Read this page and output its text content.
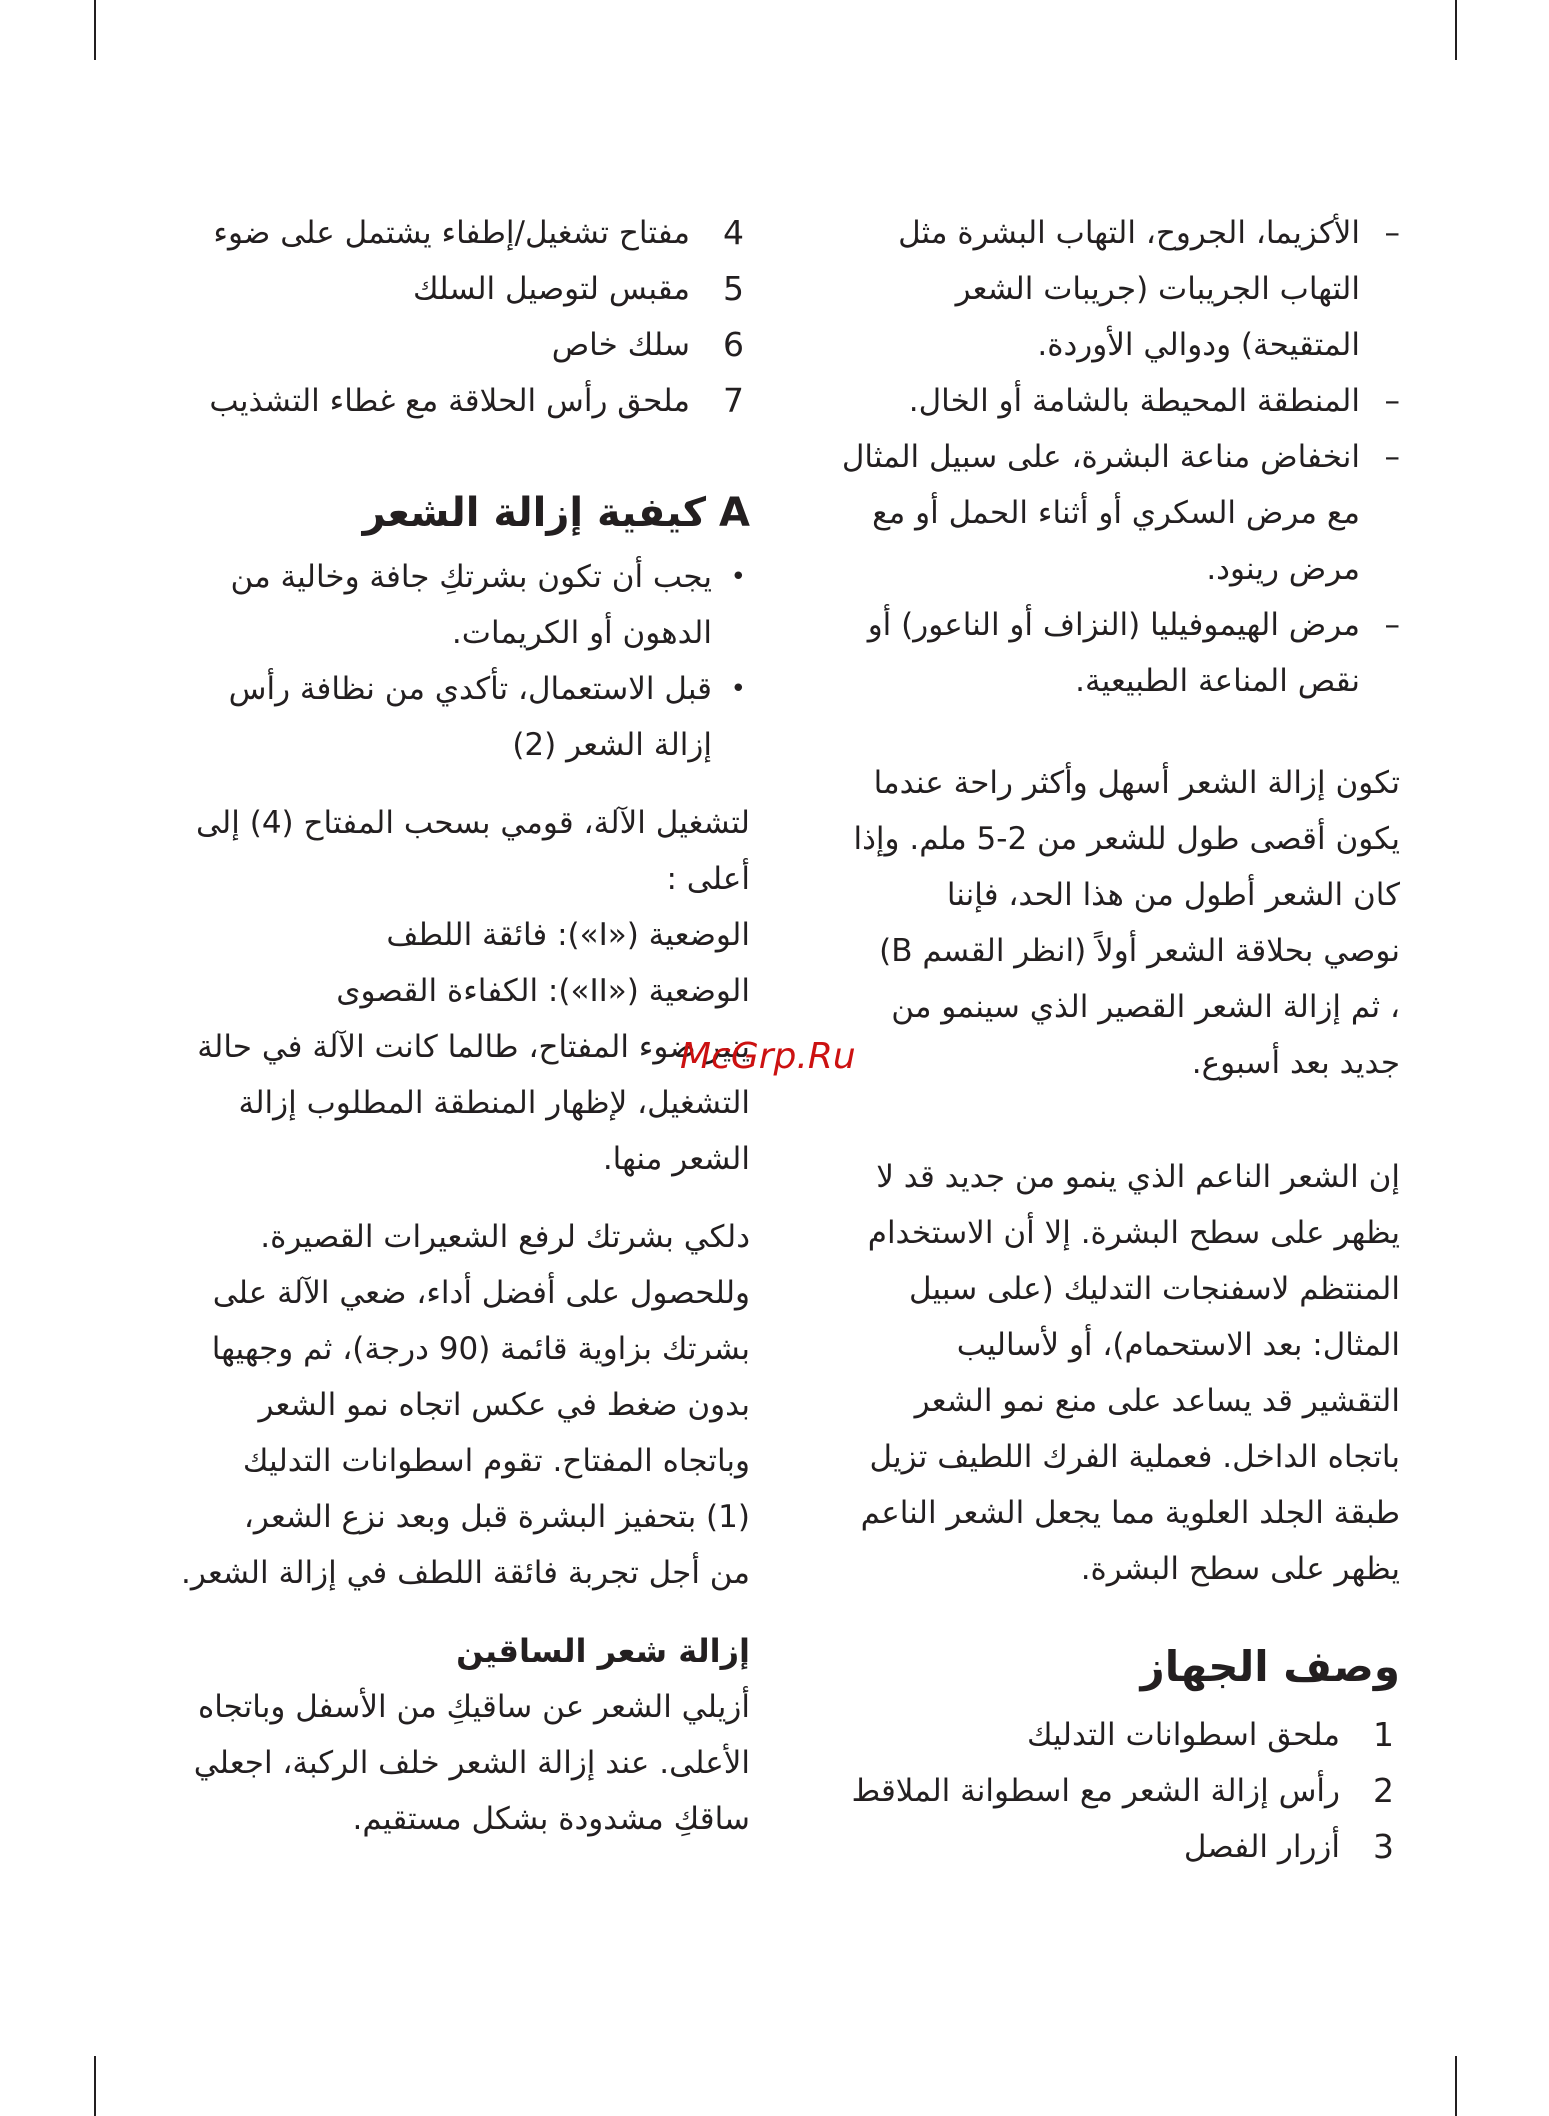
–
الأكزيما، الجروح، التهاب البشرة مثل
التهاب الجريبات (جريبات الشعر
المتقيحة) ودوالي الأوردة.
–
المنطقة المحيطة بالشامة أو الخال.
–
انخفاض مناعة البشرة، على سبيل المثال
مع مرض السكري أو أثناء الحمل أو مع
مرض رينود.
–
مرض الهيموفيليا (النزاف أو الناعور) أو
نقص المناعة الطبيعية.
تكون إزالة الشعر أسهل وأكثر راحة عندما
يكون أقصى طول للشعر من 2-5 ملم. وإذا
كان الشعر أطول من هذا الحد، فإننا
نوصي بحلاقة الشعر أولاً (انظر القسم B)
، ثم إزالة الشعر القصير الذي سينمو من
جديد بعد أسبوع.
إن الشعر الناعم الذي ينمو من جديد قد لا
يظهر على سطح البشرة. إلا أن الاستخدام
المنتظم لاسفنجات التدليك (على سبيل
المثال: بعد الاستحمام)، أو لأساليب
التقشير قد يساعد على منع نمو الشعر
باتجاه الداخل. فعملية الفرك اللطيف تزيل
طبقة الجلد العلوية مما يجعل الشعر الناعم
يظهر على سطح البشرة.
وصف الجهاز
1
ملحق اسطوانات التدليك
2
رأس إزالة الشعر مع اسطوانة الملاقط
3
أزرار الفصل
4
مفتاح تشغيل/إطفاء يشتمل على ضوء
5
مقبس لتوصيل السلك
6
سلك خاص
7
ملحق رأس الحلاقة مع غطاء التشذيب
A
كيفية إزالة الشعر
•
يجب أن تكون بشرتكِ جافة وخالية من
الدهون أو الكريمات.
•
قبل الاستعمال، تأكدي من نظافة رأس
إزالة الشعر (2)
لتشغيل الآلة، قومي بسحب المفتاح (4) إلى
أعلى :
الوضعية («I»): فائقة اللطف
الوضعية («II»): الكفاءة القصوى
ينير ضوء المفتاح، طالما كانت الآلة في حالة
التشغيل، لإظهار المنطقة المطلوب إزالة
الشعر منها.
دلكي بشرتك لرفع الشعيرات القصيرة.
وللحصول على أفضل أداء، ضعي الآلة على
بشرتك بزاوية قائمة (90 درجة)، ثم وجهيها
بدون ضغط في عكس اتجاه نمو الشعر
وباتجاه المفتاح. تقوم اسطوانات التدليك
(1) بتحفيز البشرة قبل وبعد نزع الشعر،
من أجل تجربة فائقة اللطف في إزالة الشعر.
إزالة شعر الساقين
أزيلي الشعر عن ساقيكِ من الأسفل وباتجاه
الأعلى. عند إزالة الشعر خلف الركبة، اجعلي
ساقكِ مشدودة بشكل مستقيم.
McGrp.Ru
